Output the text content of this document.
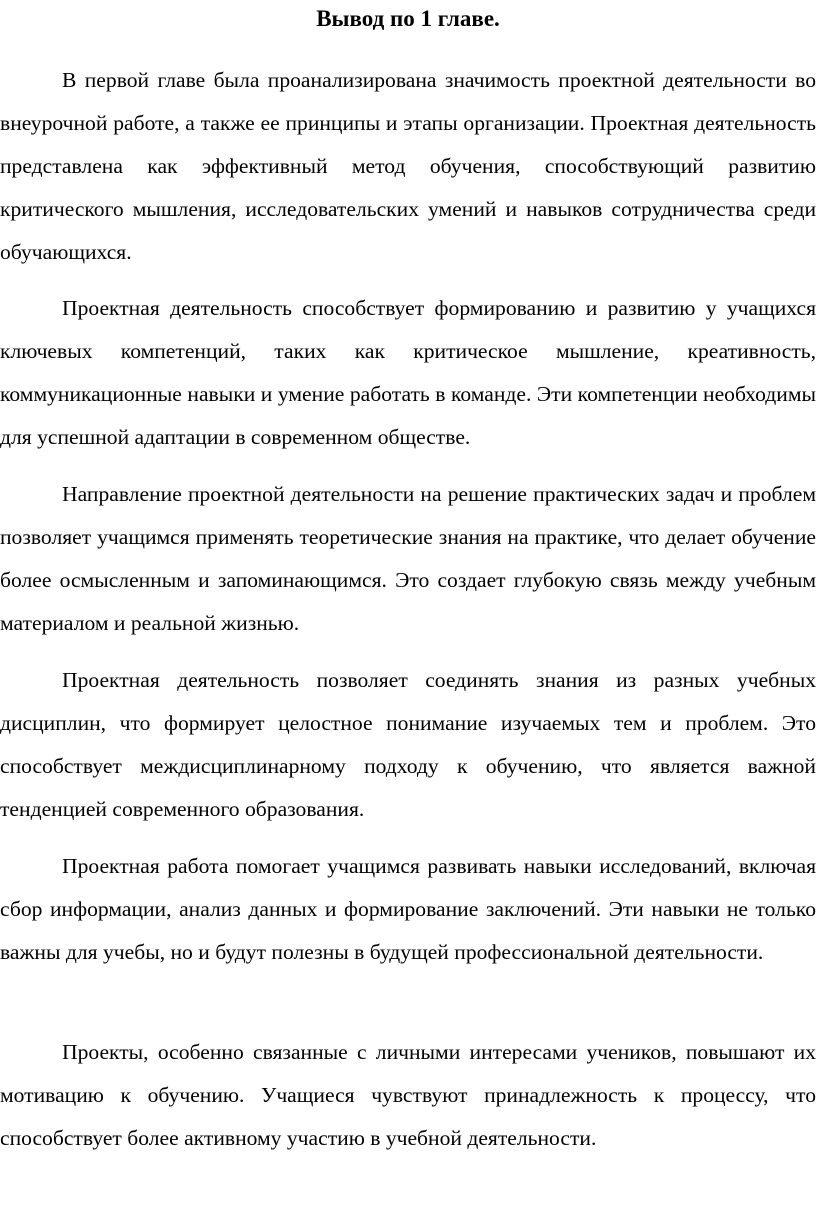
Вывод по 1 главе.

В первой главе была проанализирована значимость проектной деятельности во внеурочной работе, а также ее принципы и этапы организации. Проектная деятельность представлена как эффективный метод обучения, способствующий развитию критического мышления, исследовательских умений и навыков сотрудничества среди обучающихся.

Проектная деятельность способствует формированию и развитию у учащихся ключевых компетенций, таких как критическое мышление, креативность, коммуникационные навыки и умение работать в команде. Эти компетенции необходимы для успешной адаптации в современном обществе.

Направление проектной деятельности на решение практических задач и проблем позволяет учащимся применять теоретические знания на практике, что делает обучение более осмысленным и запоминающимся. Это создает глубокую связь между учебным материалом и реальной жизнью.

Проектная деятельность позволяет соединять знания из разных учебных дисциплин, что формирует целостное понимание изучаемых тем и проблем. Это способствует междисциплинарному подходу к обучению, что является важной тенденцией современного образования.

Проектная работа помогает учащимся развивать навыки исследований, включая сбор информации, анализ данных и формирование заключений. Эти навыки не только важны для учебы, но и будут полезны в будущей профессиональной деятельности.

Проекты, особенно связанные с личными интересами учеников, повышают их мотивацию к обучению. Учащиеся чувствуют принадлежность к процессу, что способствует более активному участию в учебной деятельности.
